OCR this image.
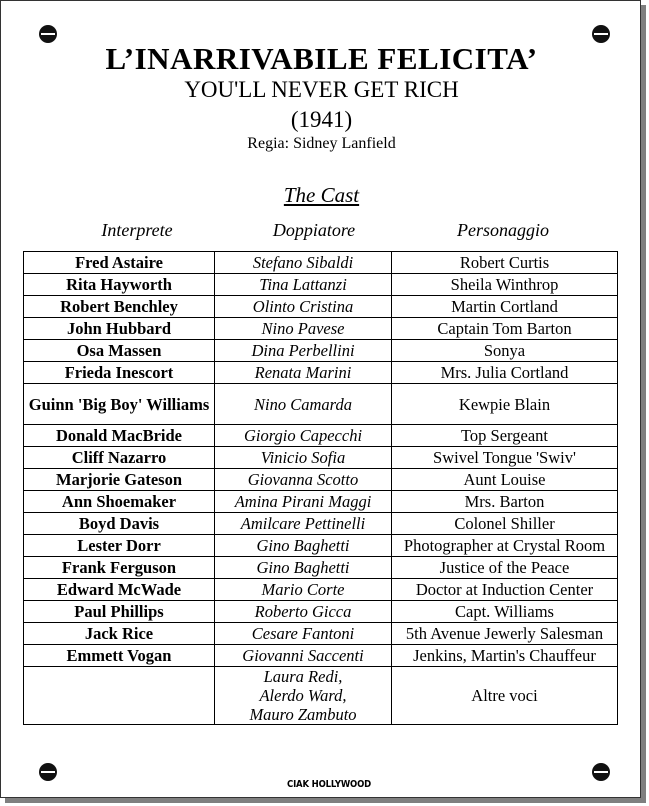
L’INARRIVABILE FELICITA’
YOU'LL NEVER GET RICH
(1941)
Regia: Sidney Lanfield
The Cast
Interprete	Doppiatore	Personaggio
Fred Astaire	Stefano Sibaldi	Robert Curtis
Rita Hayworth	Tina Lattanzi	Sheila Winthrop
Robert Benchley	Olinto Cristina	Martin Cortland
John Hubbard	Nino Pavese	Captain Tom Barton
Osa Massen	Dina Perbellini	Sonya
Frieda Inescort	Renata Marini	Mrs. Julia Cortland
Guinn 'Big Boy' Williams	Nino Camarda	Kewpie Blain
Donald MacBride	Giorgio Capecchi	Top Sergeant
Cliff Nazarro	Vinicio Sofia	Swivel Tongue 'Swiv'
Marjorie Gateson	Giovanna Scotto	Aunt Louise
Ann Shoemaker	Amina Pirani Maggi	Mrs. Barton
Boyd Davis	Amilcare Pettinelli	Colonel Shiller
Lester Dorr	Gino Baghetti	Photographer at Crystal Room
Frank Ferguson	Gino Baghetti	Justice of the Peace
Edward McWade	Mario Corte	Doctor at Induction Center
Paul Phillips	Roberto Gicca	Capt. Williams
Jack Rice	Cesare Fantoni	5th Avenue Jewerly Salesman
Emmett Vogan	Giovanni Saccenti	Jenkins, Martin's Chauffeur

	Laura Redi,
Alerdo Ward,
Mauro Zambuto	Altre voci
CIAK HOLLYWOOD
